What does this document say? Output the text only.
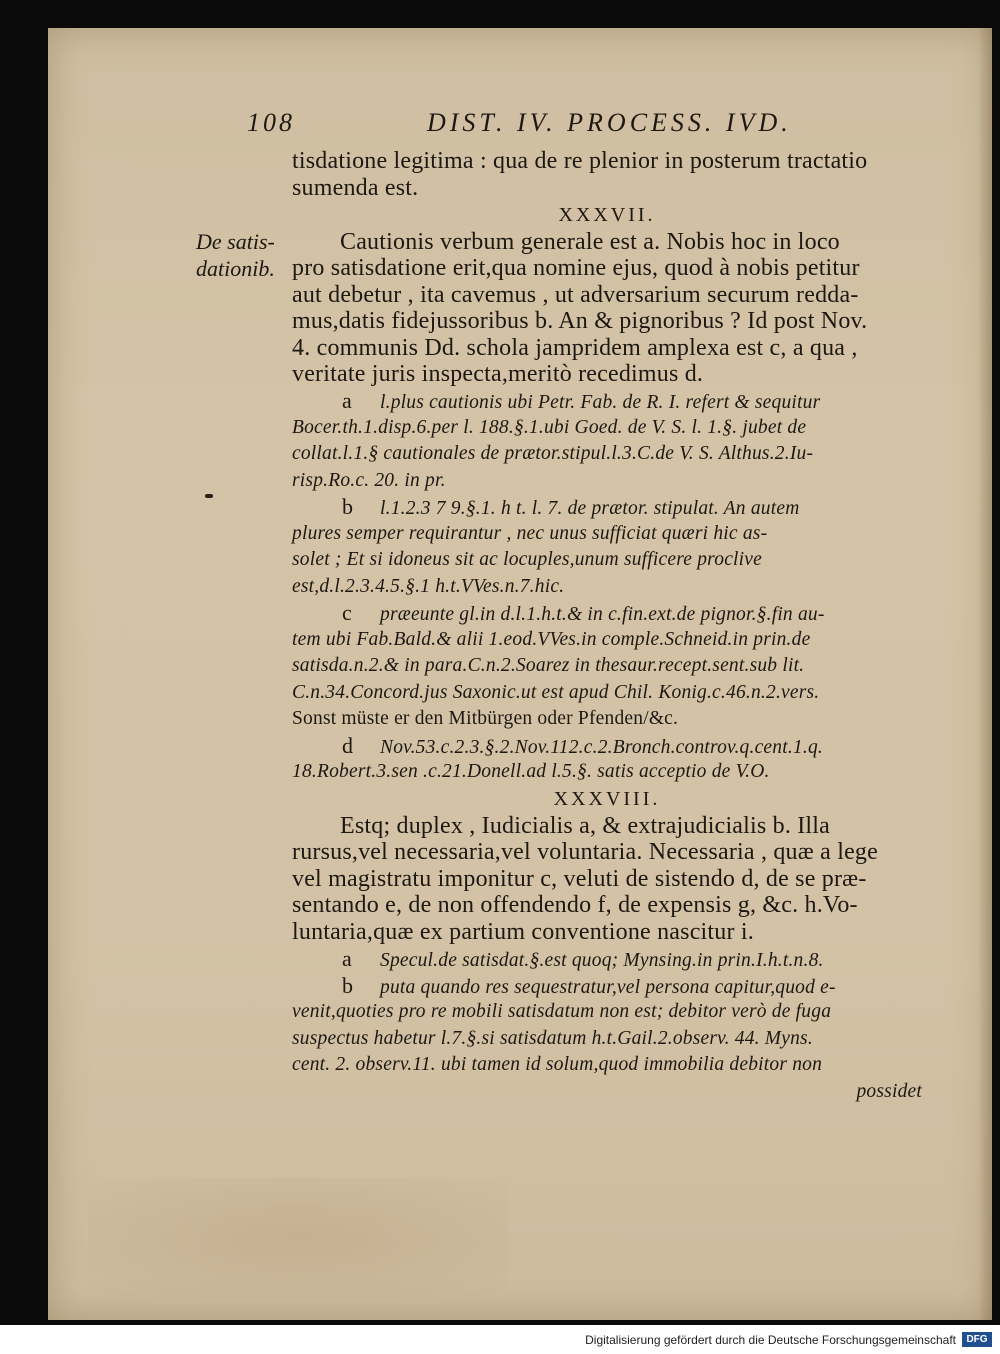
108	DIST. IV. PROCESS. IVD.
De satis-
dationib.
tisdatione legitima : qua de re plenior in posterum tractatio
sumenda est.
XXXVII.
Cautionis verbum generale est a. Nobis hoc in loco
pro satisdatione erit,qua nomine ejus, quod à nobis petitur
aut debetur , ita cavemus , ut adversarium securum redda-
mus,datis fidejussoribus b. An & pignoribus ? Id post Nov.
4. communis Dd. schola jampridem amplexa est c, a qua ,
veritate juris inspecta,meritò recedimus d.
a l.plus cautionis ubi Petr. Fab. de R. I. refert & sequitur
Bocer.th.1.disp.6.per l. 188.§.1.ubi Goed. de V. S. l. 1.§. jubet de
collat.l.1.§ cautionales de prætor.stipul.l.3.C.de V. S. Althus.2.Iu-
risp.Ro.c. 20. in pr.
b l.1.2.3 7 9.§.1. h t. l. 7. de prætor. stipulat. An autem
plures semper requirantur , nec unus sufficiat quæri hic as-
solet ; Et si idoneus sit ac locuples,unum sufficere proclive
est,d.l.2.3.4.5.§.1 h.t.VVes.n.7.hic.
c præeunte gl.in d.l.1.h.t.& in c.fin.ext.de pignor.§.fin au-
tem ubi Fab.Bald.& alii 1.eod.VVes.in comple.Schneid.in prin.de
satisda.n.2.& in para.C.n.2.Soarez in thesaur.recept.sent.sub lit.
C.n.34.Concord.jus Saxonic.ut est apud Chil. Konig.c.46.n.2.vers.
Sonst müste er den Mitbürgen oder Pfenden/&c.
d Nov.53.c.2.3.§.2.Nov.112.c.2.Bronch.controv.q.cent.1.q.
18.Robert.3.sen .c.21.Donell.ad l.5.§. satis acceptio de V.O.
XXXVIII.
Estq; duplex , Iudicialis a, & extrajudicialis b. Illa
rursus,vel necessaria,vel voluntaria. Necessaria , quæ a lege
vel magistratu imponitur c, veluti de sistendo d, de se præ-
sentando e, de non offendendo f, de expensis g, &c. h.Vo-
luntaria,quæ ex partium conventione nascitur i.
a Specul.de satisdat.§.est quoq; Mynsing.in prin.I.h.t.n.8.
b puta quando res sequestratur,vel persona capitur,quod e-
venit,quoties pro re mobili satisdatum non est; debitor verò de fuga
suspectus habetur l.7.§.si satisdatum h.t.Gail.2.observ. 44. Myns.
cent. 2. observ.11. ubi tamen id solum,quod immobilia debitor non
possidet
Digitalisierung gefördert durch die Deutsche Forschungsgemeinschaft	DFG
